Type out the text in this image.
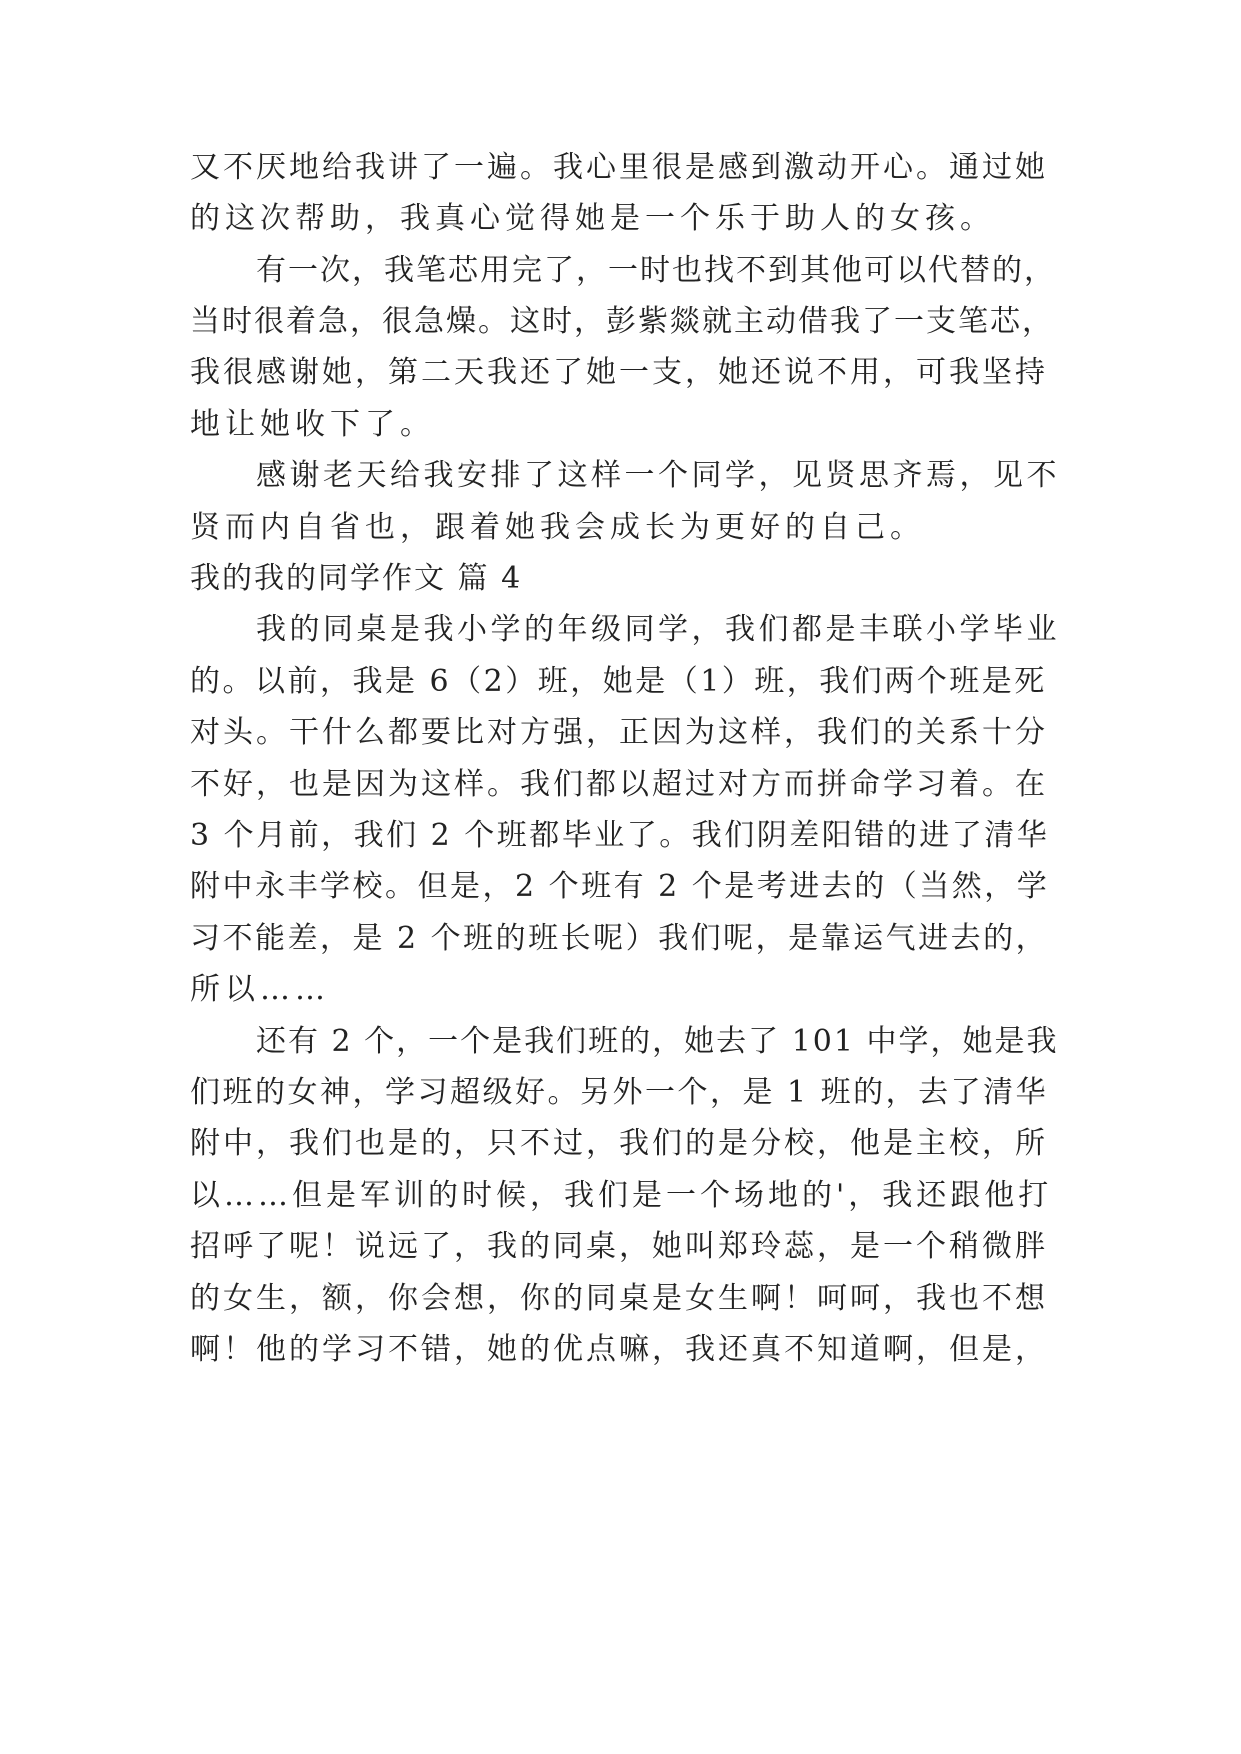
又不厌地给我讲了一遍。我心里很是感到激动开心。通过她
的这次帮助，我真心觉得她是一个乐于助人的女孩。
有一次，我笔芯用完了，一时也找不到其他可以代替的，
当时很着急，很急燥。这时，彭紫燚就主动借我了一支笔芯，
我很感谢她，第二天我还了她一支，她还说不用，可我坚持
地让她收下了。
感谢老天给我安排了这样一个同学，见贤思齐焉，见不
贤而内自省也，跟着她我会成长为更好的自己。
我的我的同学作文 篇 4
我的同桌是我小学的年级同学，我们都是丰联小学毕业
的。以前，我是 6（2）班，她是（1）班，我们两个班是死
对头。干什么都要比对方强，正因为这样，我们的关系十分
不好，也是因为这样。我们都以超过对方而拼命学习着。在
3 个月前，我们 2 个班都毕业了。我们阴差阳错的进了清华
附中永丰学校。但是，2 个班有 2 个是考进去的（当然，学
习不能差，是 2 个班的班长呢）我们呢，是靠运气进去的，
所以……
还有 2 个，一个是我们班的，她去了 101 中学，她是我
们班的女神，学习超级好。另外一个，是 1 班的，去了清华
附中，我们也是的，只不过，我们的是分校，他是主校，所
以……但是军训的时候，我们是一个场地的'，我还跟他打
招呼了呢！说远了，我的同桌，她叫郑玲蕊，是一个稍微胖
的女生，额，你会想，你的同桌是女生啊！呵呵，我也不想
啊！他的学习不错，她的优点嘛，我还真不知道啊，但是，
